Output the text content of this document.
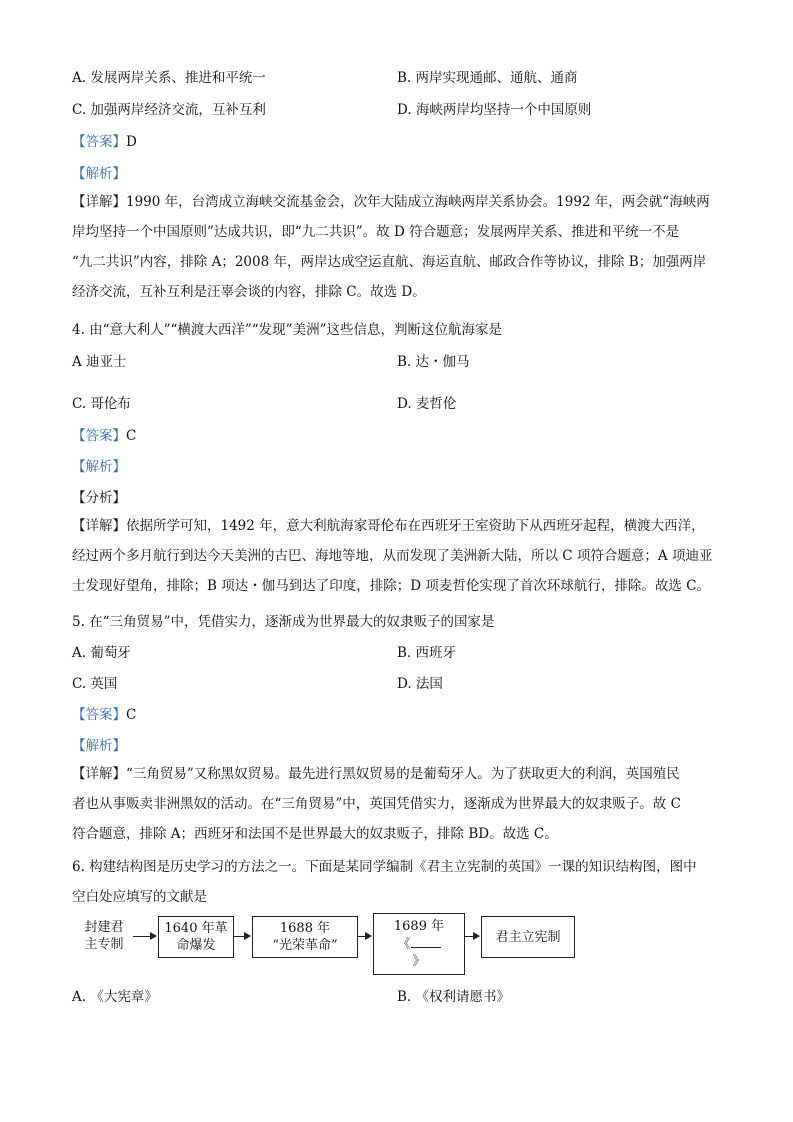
A. 发展两岸关系、推进和平统一	B. 两岸实现通邮、通航、通商
C. 加强两岸经济交流，互补互利	D. 海峡两岸均坚持一个中国原则
【答案】D
【解析】
【详解】1990 年，台湾成立海峡交流基金会，次年大陆成立海峡两岸关系协会。1992 年，两会就“海峡两
岸均坚持一个中国原则”达成共识，即“九二共识”。故 D 符合题意；发展两岸关系、推进和平统一不是
“九二共识”内容，排除 A；2008 年，两岸达成空运直航、海运直航、邮政合作等协议，排除 B；加强两岸
经济交流，互补互利是汪辜会谈的内容，排除 C。故选 D。
4. 由“意大利人”“横渡大西洋”“发现”美洲”这些信息，判断这位航海家是
A 迪亚士	B. 达・伽马
C. 哥伦布	D. 麦哲伦
【答案】C
【解析】
【分析】
【详解】依据所学可知，1492 年，意大利航海家哥伦布在西班牙王室资助下从西班牙起程，横渡大西洋，
经过两个多月航行到达今天美洲的古巴、海地等地，从而发现了美洲新大陆，所以 C 项符合题意；A 项迪亚
士发现好望角，排除；B 项达・伽马到达了印度，排除；D 项麦哲伦实现了首次环球航行，排除。故选 C。
5. 在“三角贸易”中，凭借实力，逐渐成为世界最大的奴隶贩子的国家是
A. 葡萄牙	B. 西班牙
C. 英国	D. 法国
【答案】C
【解析】
【详解】“三角贸易”又称黑奴贸易。最先进行黑奴贸易的是葡萄牙人。为了获取更大的利润，英国殖民
者也从事贩卖非洲黑奴的活动。在“三角贸易”中，英国凭借实力，逐渐成为世界最大的奴隶贩子。故 C
符合题意，排除 A；西班牙和法国不是世界最大的奴隶贩子，排除 BD。故选 C。
6. 构建结构图是历史学习的方法之一。下面是某同学编制《君主立宪制的英国》一课的知识结构图，图中
空白处应填写的文献是
封建君
主专制
1640 年革
命爆发
1688 年
“光荣革命”
1689 年
《
》
君主立宪制
A. 《大宪章》	B. 《权利请愿书》
